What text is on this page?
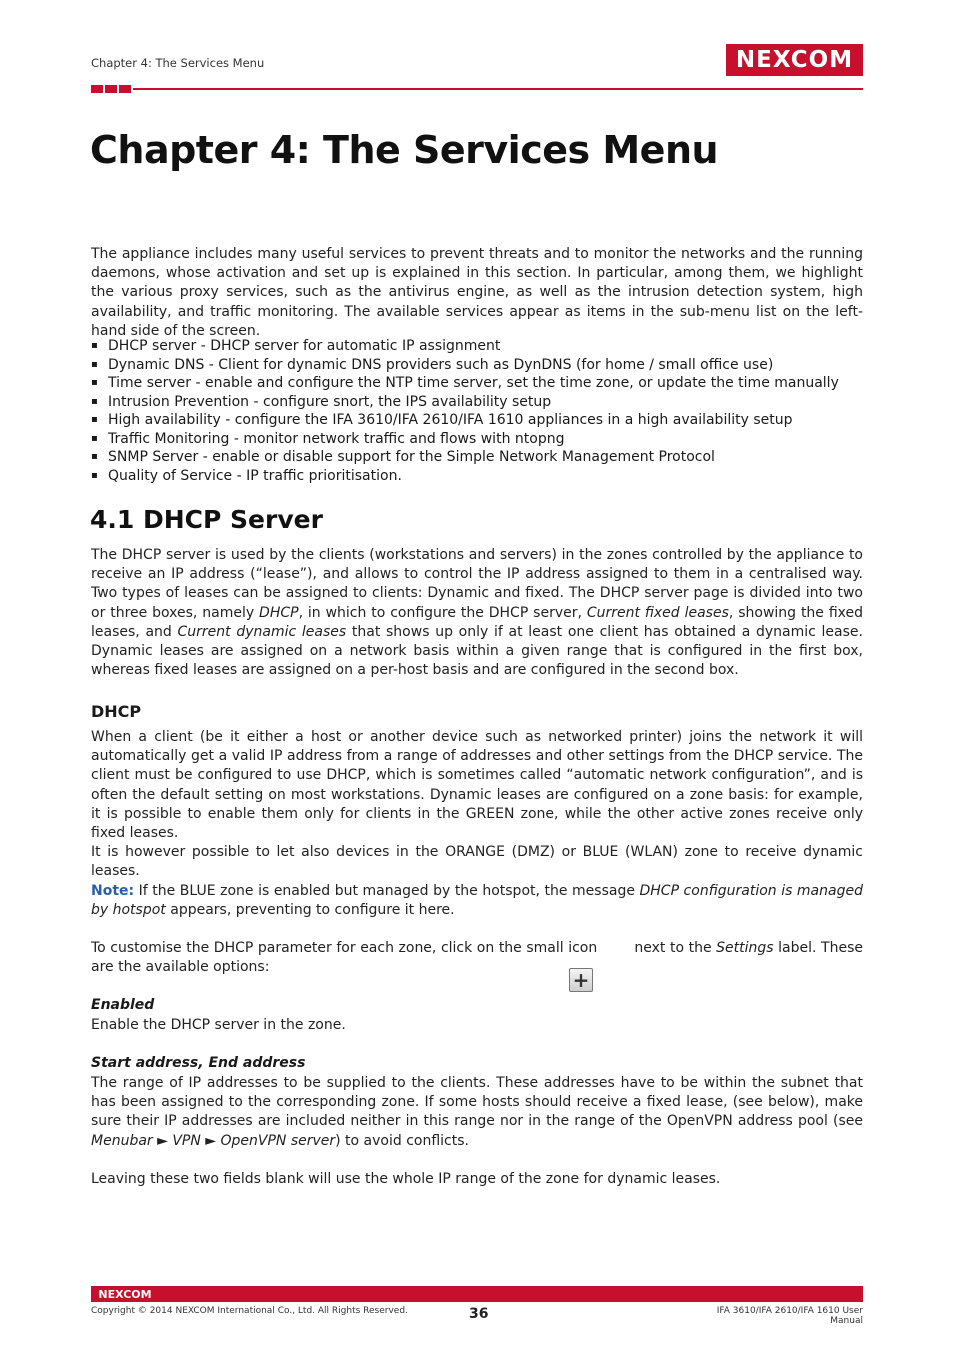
Chapter 4: The Services Menu	NEXCOM
Chapter 4: The Services Menu

The appliance includes many useful services to prevent threats and to monitor the networks and the running daemons, whose activation and set up is explained in this section. In particular, among them, we highlight the various proxy services, such as the antivirus engine, as well as the intrusion detection system, high availability, and traffic monitoring. The available services appear as items in the sub-menu list on the left-hand side of the screen.

▪ DHCP server - DHCP server for automatic IP assignment
▪ Dynamic DNS - Client for dynamic DNS providers such as DynDNS (for home / small office use)
▪ Time server - enable and configure the NTP time server, set the time zone, or update the time manually
▪ Intrusion Prevention - configure snort, the IPS availability setup
▪ High availability - configure the IFA 3610/IFA 2610/IFA 1610 appliances in a high availability setup
▪ Traffic Monitoring - monitor network traffic and flows with ntopng
▪ SNMP Server - enable or disable support for the Simple Network Management Protocol
▪ Quality of Service - IP traffic prioritisation.
4.1 DHCP Server

The DHCP server is used by the clients (workstations and servers) in the zones controlled by the appliance to receive an IP address (“lease”), and allows to control the IP address assigned to them in a centralised way. Two types of leases can be assigned to clients: Dynamic and fixed. The DHCP server page is divided into two or three boxes, namely DHCP, in which to configure the DHCP server, Current fixed leases, showing the fixed leases, and Current dynamic leases that shows up only if at least one client has obtained a dynamic lease. Dynamic leases are assigned on a network basis within a given range that is configured in the first box, whereas fixed leases are assigned on a per-host basis and are configured in the second box.

DHCP

When a client (be it either a host or another device such as networked printer) joins the network it will automatically get a valid IP address from a range of addresses and other settings from the DHCP service. The client must be configured to use DHCP, which is sometimes called “automatic network configuration”, and is often the default setting on most workstations. Dynamic leases are configured on a zone basis: for example, it is possible to enable them only for clients in the GREEN zone, while the other active zones receive only fixed leases.

It is however possible to let also devices in the ORANGE (DMZ) or BLUE (WLAN) zone to receive dynamic leases.

Note: If the BLUE zone is enabled but managed by the hotspot, the message DHCP configuration is managed by hotspot appears, preventing to configure it here.

To customise the DHCP parameter for each zone, click on the small icon  next to the Settings label. These are the available options:

+

Enabled

Enable the DHCP server in the zone.

Start address, End address

The range of IP addresses to be supplied to the clients. These addresses have to be within the subnet that has been assigned to the corresponding zone. If some hosts should receive a fixed lease, (see below), make sure their IP addresses are included neither in this range nor in the range of the OpenVPN address pool (see Menubar ► VPN ► OpenVPN server) to avoid conflicts.

Leaving these two fields blank will use the whole IP range of the zone for dynamic leases.

NEXCOM
Copyright © 2014 NEXCOM International Co., Ltd. All Rights Reserved.	36	IFA 3610/IFA 2610/IFA 1610 User Manual
